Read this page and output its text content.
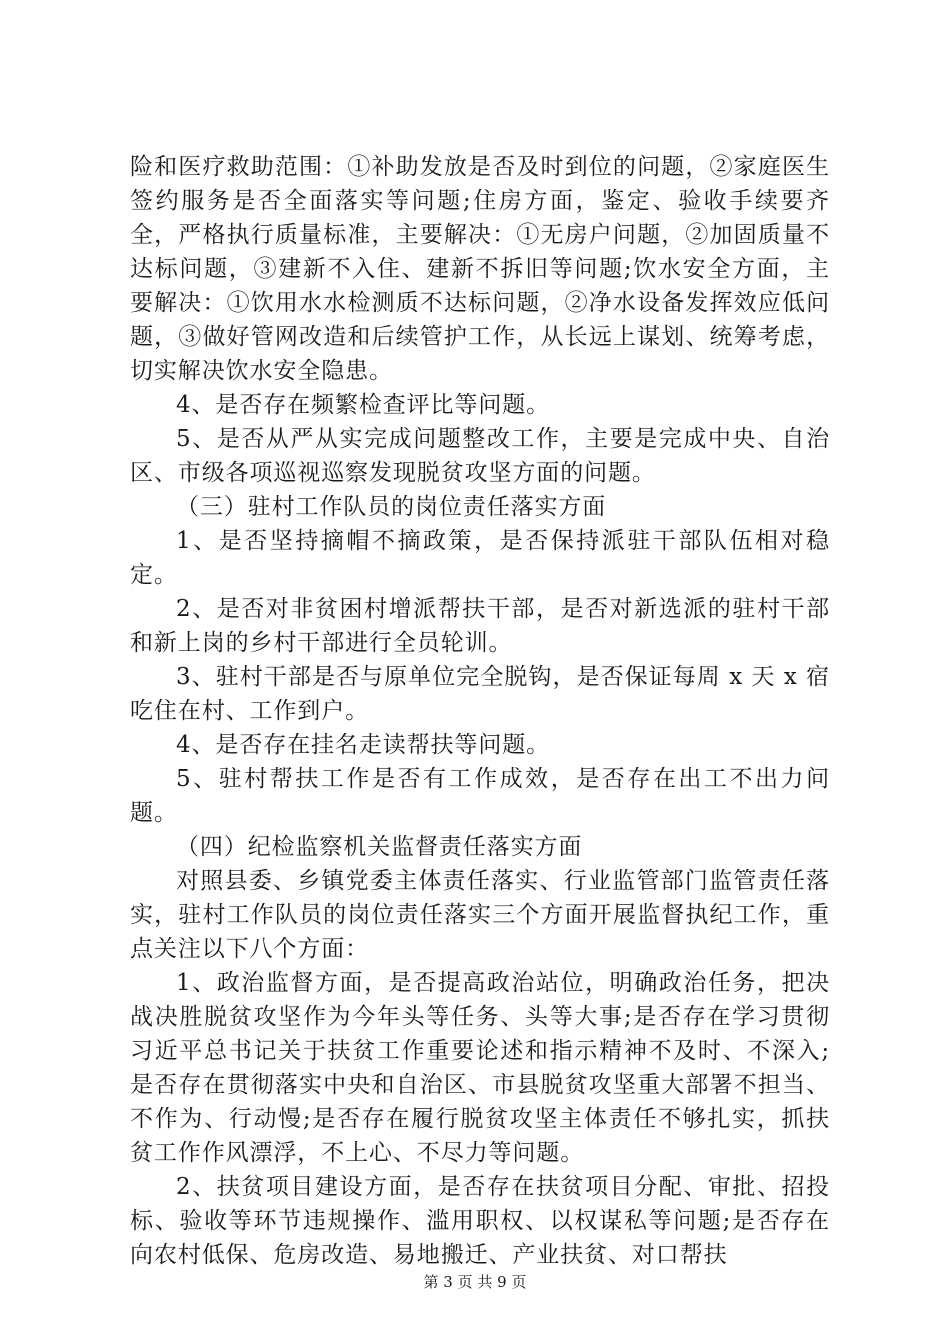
险和医疗救助范围：①补助发放是否及时到位的问题，②家庭医生签约服务是否全面落实等问题;住房方面，鉴定、验收手续要齐全，严格执行质量标准，主要解决：①无房户问题，②加固质量不达标问题，③建新不入住、建新不拆旧等问题;饮水安全方面，主要解决：①饮用水水检测质不达标问题，②净水设备发挥效应低问题，③做好管网改造和后续管护工作，从长远上谋划、统筹考虑，切实解决饮水安全隐患。

4、是否存在频繁检查评比等问题。

5、是否从严从实完成问题整改工作，主要是完成中央、自治区、市级各项巡视巡察发现脱贫攻坚方面的问题。

（三）驻村工作队员的岗位责任落实方面

1、是否坚持摘帽不摘政策，是否保持派驻干部队伍相对稳定。

2、是否对非贫困村增派帮扶干部，是否对新选派的驻村干部和新上岗的乡村干部进行全员轮训。

3、驻村干部是否与原单位完全脱钩，是否保证每周 x 天 x 宿吃住在村、工作到户。

4、是否存在挂名走读帮扶等问题。

5、驻村帮扶工作是否有工作成效，是否存在出工不出力问题。

（四）纪检监察机关监督责任落实方面

对照县委、乡镇党委主体责任落实、行业监管部门监管责任落实，驻村工作队员的岗位责任落实三个方面开展监督执纪工作，重点关注以下八个方面：

1、政治监督方面，是否提高政治站位，明确政治任务，把决战决胜脱贫攻坚作为今年头等任务、头等大事;是否存在学习贯彻习近平总书记关于扶贫工作重要论述和指示精神不及时、不深入;是否存在贯彻落实中央和自治区、市县脱贫攻坚重大部署不担当、不作为、行动慢;是否存在履行脱贫攻坚主体责任不够扎实，抓扶贫工作作风漂浮，不上心、不尽力等问题。

2、扶贫项目建设方面，是否存在扶贫项目分配、审批、招投标、验收等环节违规操作、滥用职权、以权谋私等问题;是否存在向农村低保、危房改造、易地搬迁、产业扶贫、对口帮扶

第 3 页 共 9 页
